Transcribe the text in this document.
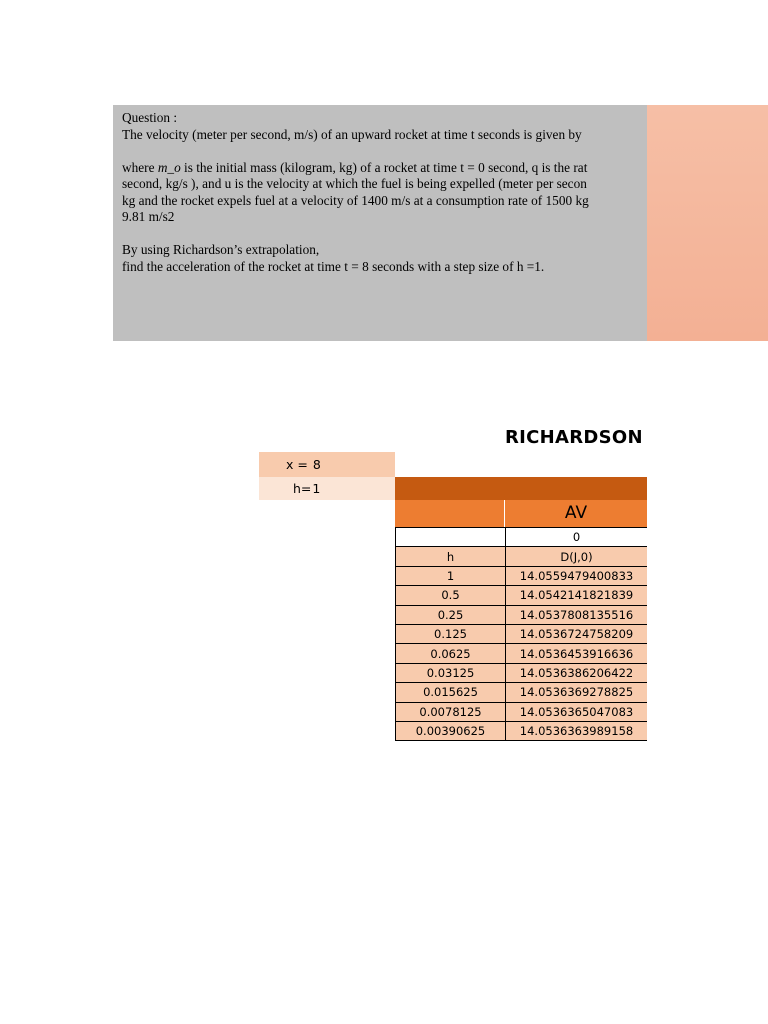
Question :
The velocity (meter per second, m/s) of an upward rocket at time t seconds is given by
where m_o is the initial mass (kilogram, kg) of a rocket at time t = 0 second, q is the rat
second, kg/s ), and u is the velocity at which the fuel is being expelled (meter per secon
kg and the rocket expels fuel at a velocity of 1400 m/s at a consumption rate of 1500 kg
9.81 m/s2
By using Richardson’s extrapolation,
find the acceleration of the rocket at time t = 8 seconds with a step size of h =1.
RICHARDSON
x = 8
h=1
AV
	0
h	D(J,0)
1	14.0559479400833
0.5	14.0542141821839
0.25	14.0537808135516
0.125	14.0536724758209
0.0625	14.0536453916636
0.03125	14.0536386206422
0.015625	14.0536369278825
0.0078125	14.0536365047083
0.00390625	14.0536363989158
